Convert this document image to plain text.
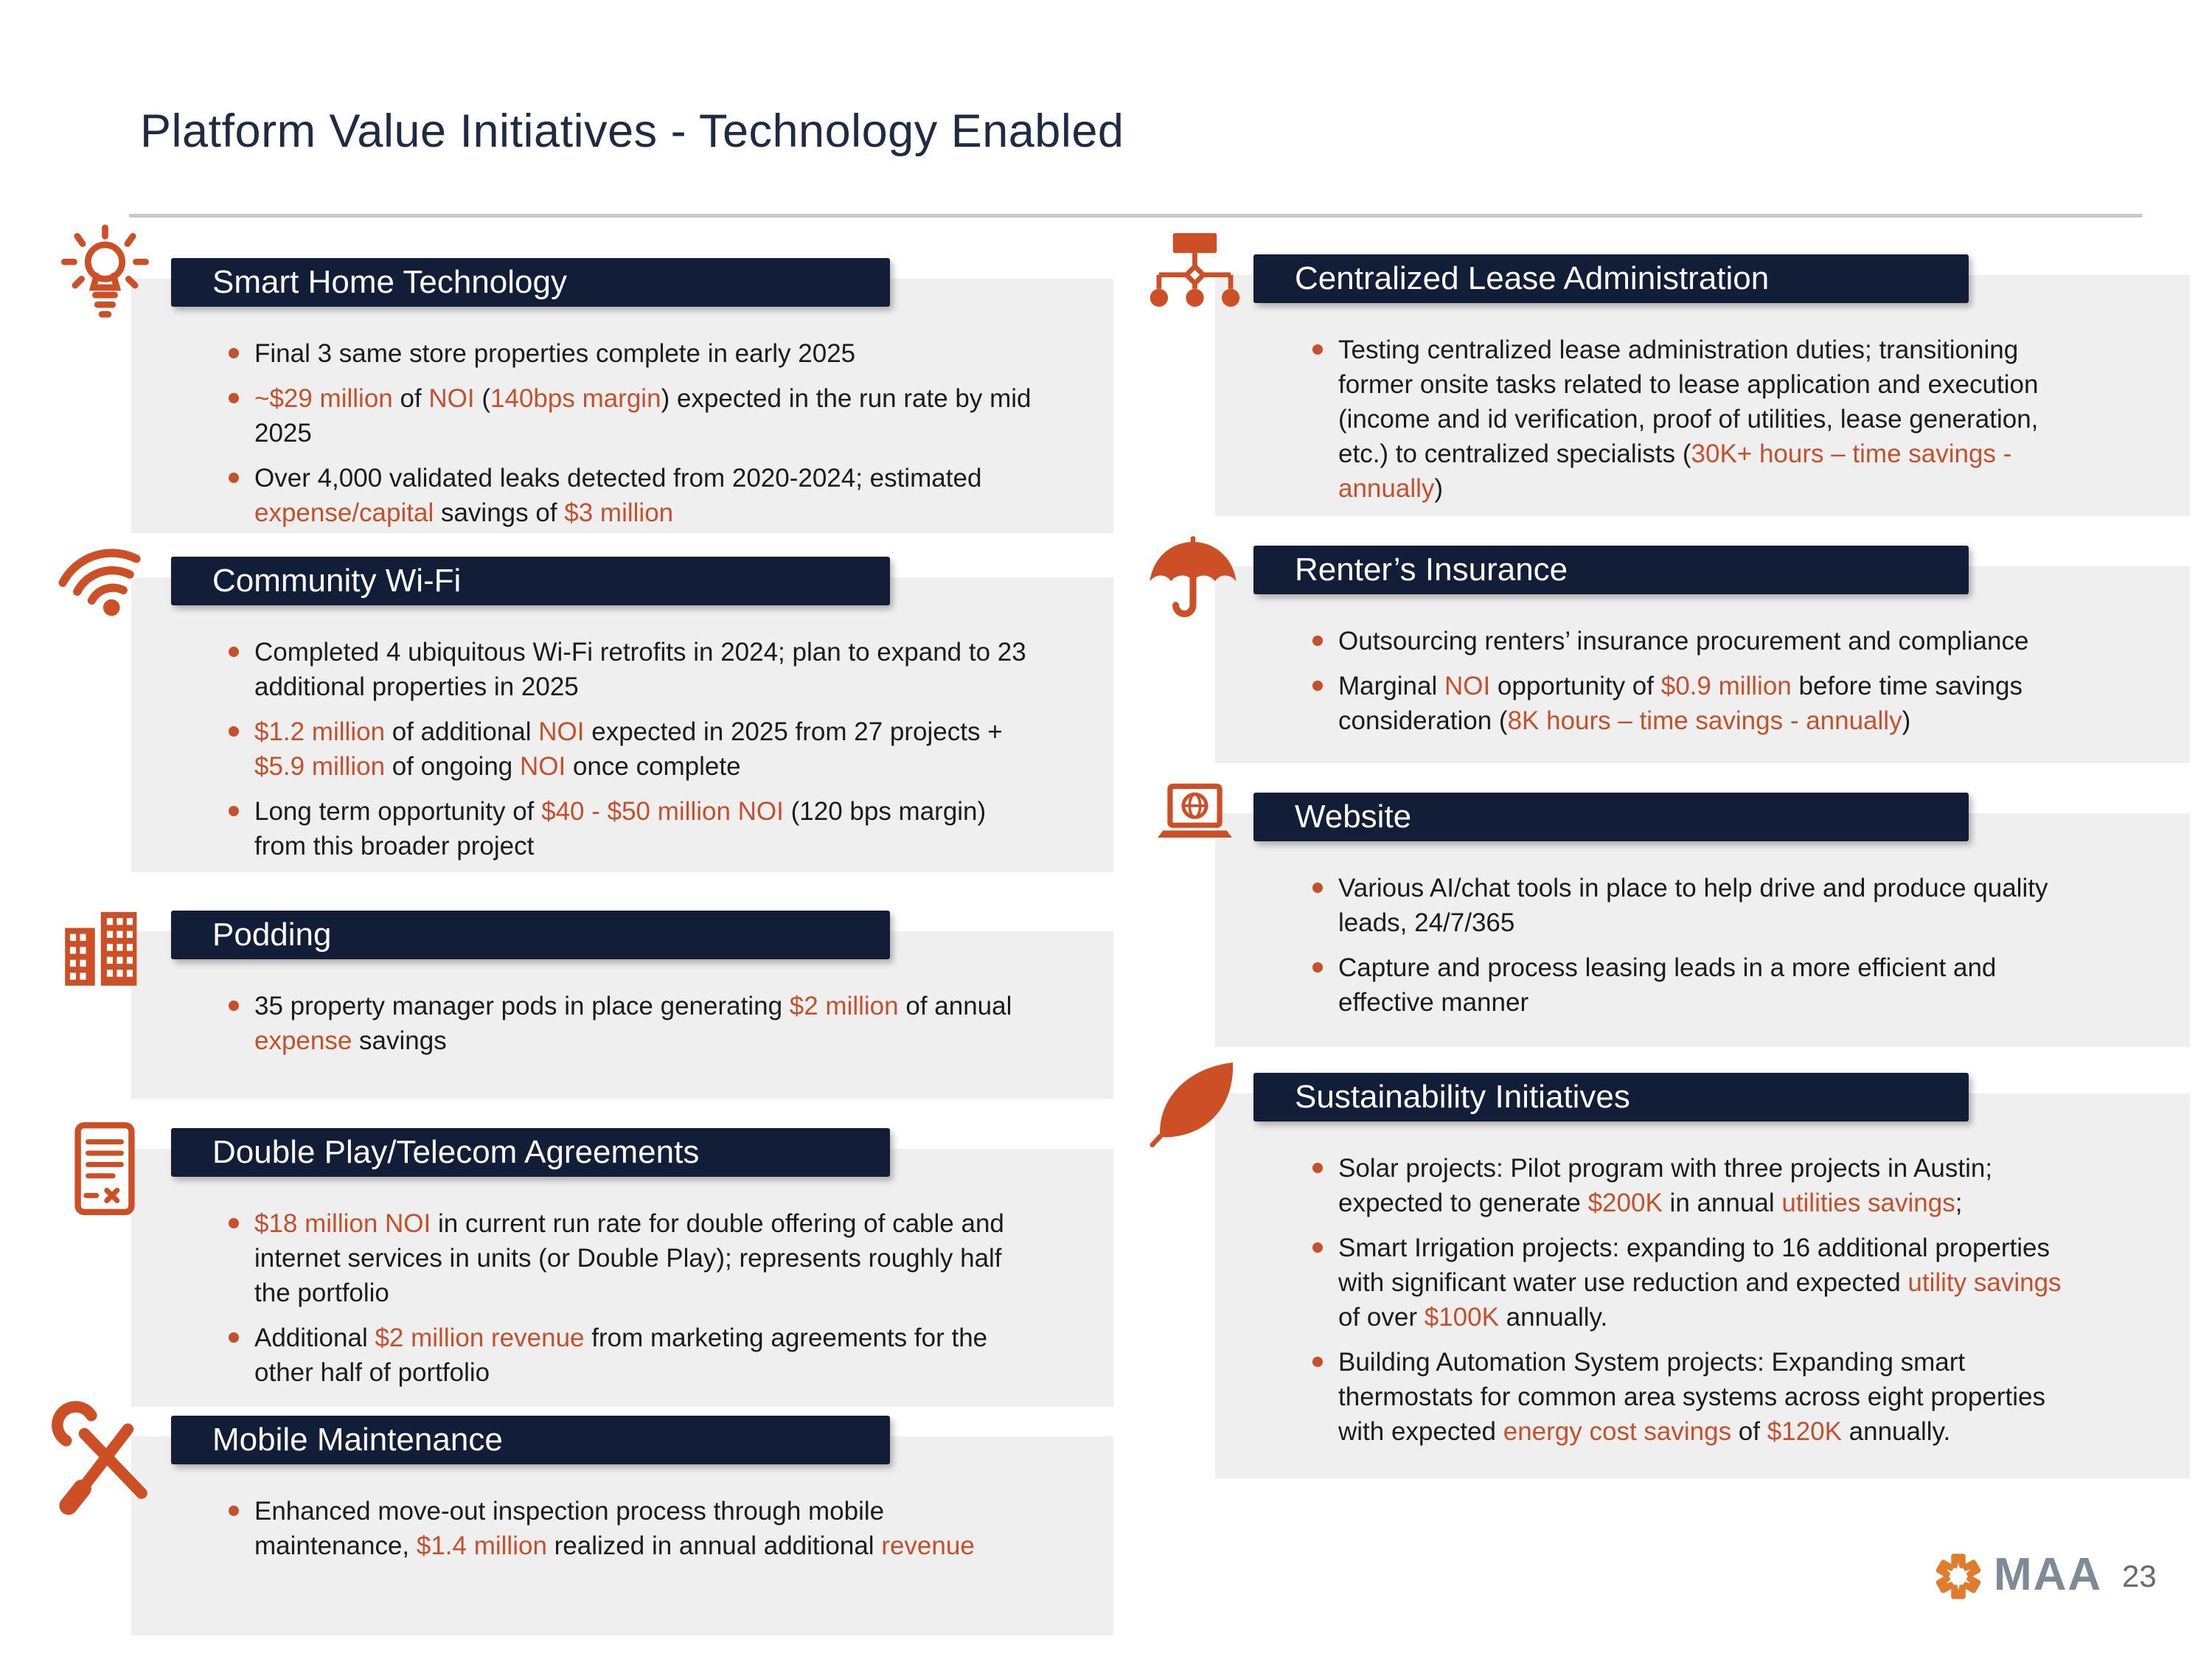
Platform Value Initiatives - Technology Enabled
Final 3 same store properties complete in early 2025
~$29 million of NOI (140bps margin) expected in the run rate by mid 2025
Over 4,000 validated leaks detected from 2020-2024; estimated expense/capital savings of $3 million
Smart Home Technology
Completed 4 ubiquitous Wi-Fi retrofits in 2024; plan to expand to 23 additional properties in 2025
$1.2 million of additional NOI expected in 2025 from 27 projects + $5.9 million of ongoing NOI once complete
Long term opportunity of $40 - $50 million NOI (120 bps margin) from this broader project
Community Wi-Fi
35 property manager pods in place generating $2 million of annual expense savings
Podding
$18 million NOI in current run rate for double offering of cable and internet services in units (or Double Play); represents roughly half the portfolio
Additional $2 million revenue from marketing agreements for the other half of portfolio
Double Play/Telecom Agreements
Enhanced move-out inspection process through mobile maintenance, $1.4 million realized in annual additional revenue
Mobile Maintenance
Testing centralized lease administration duties; transitioning former onsite tasks related to lease application and execution (income and id verification, proof of utilities, lease generation, etc.) to centralized specialists (30K+ hours – time savings - annually)
Centralized Lease Administration
Outsourcing renters’ insurance procurement and compliance
Marginal NOI opportunity of $0.9 million before time savings consideration (8K hours – time savings - annually)
Renter’s Insurance
Various AI/chat tools in place to help drive and produce quality leads, 24/7/365
Capture and process leasing leads in a more efficient and effective manner
Website
Solar projects: Pilot program with three projects in Austin; expected to generate $200K in annual utilities savings;
Smart Irrigation projects: expanding to 16 additional properties with significant water use reduction and expected utility savings of over $100K annually.
Building Automation System projects: Expanding smart thermostats for common area systems across eight properties with expected energy cost savings of $120K annually.
Sustainability Initiatives
MAA 23
